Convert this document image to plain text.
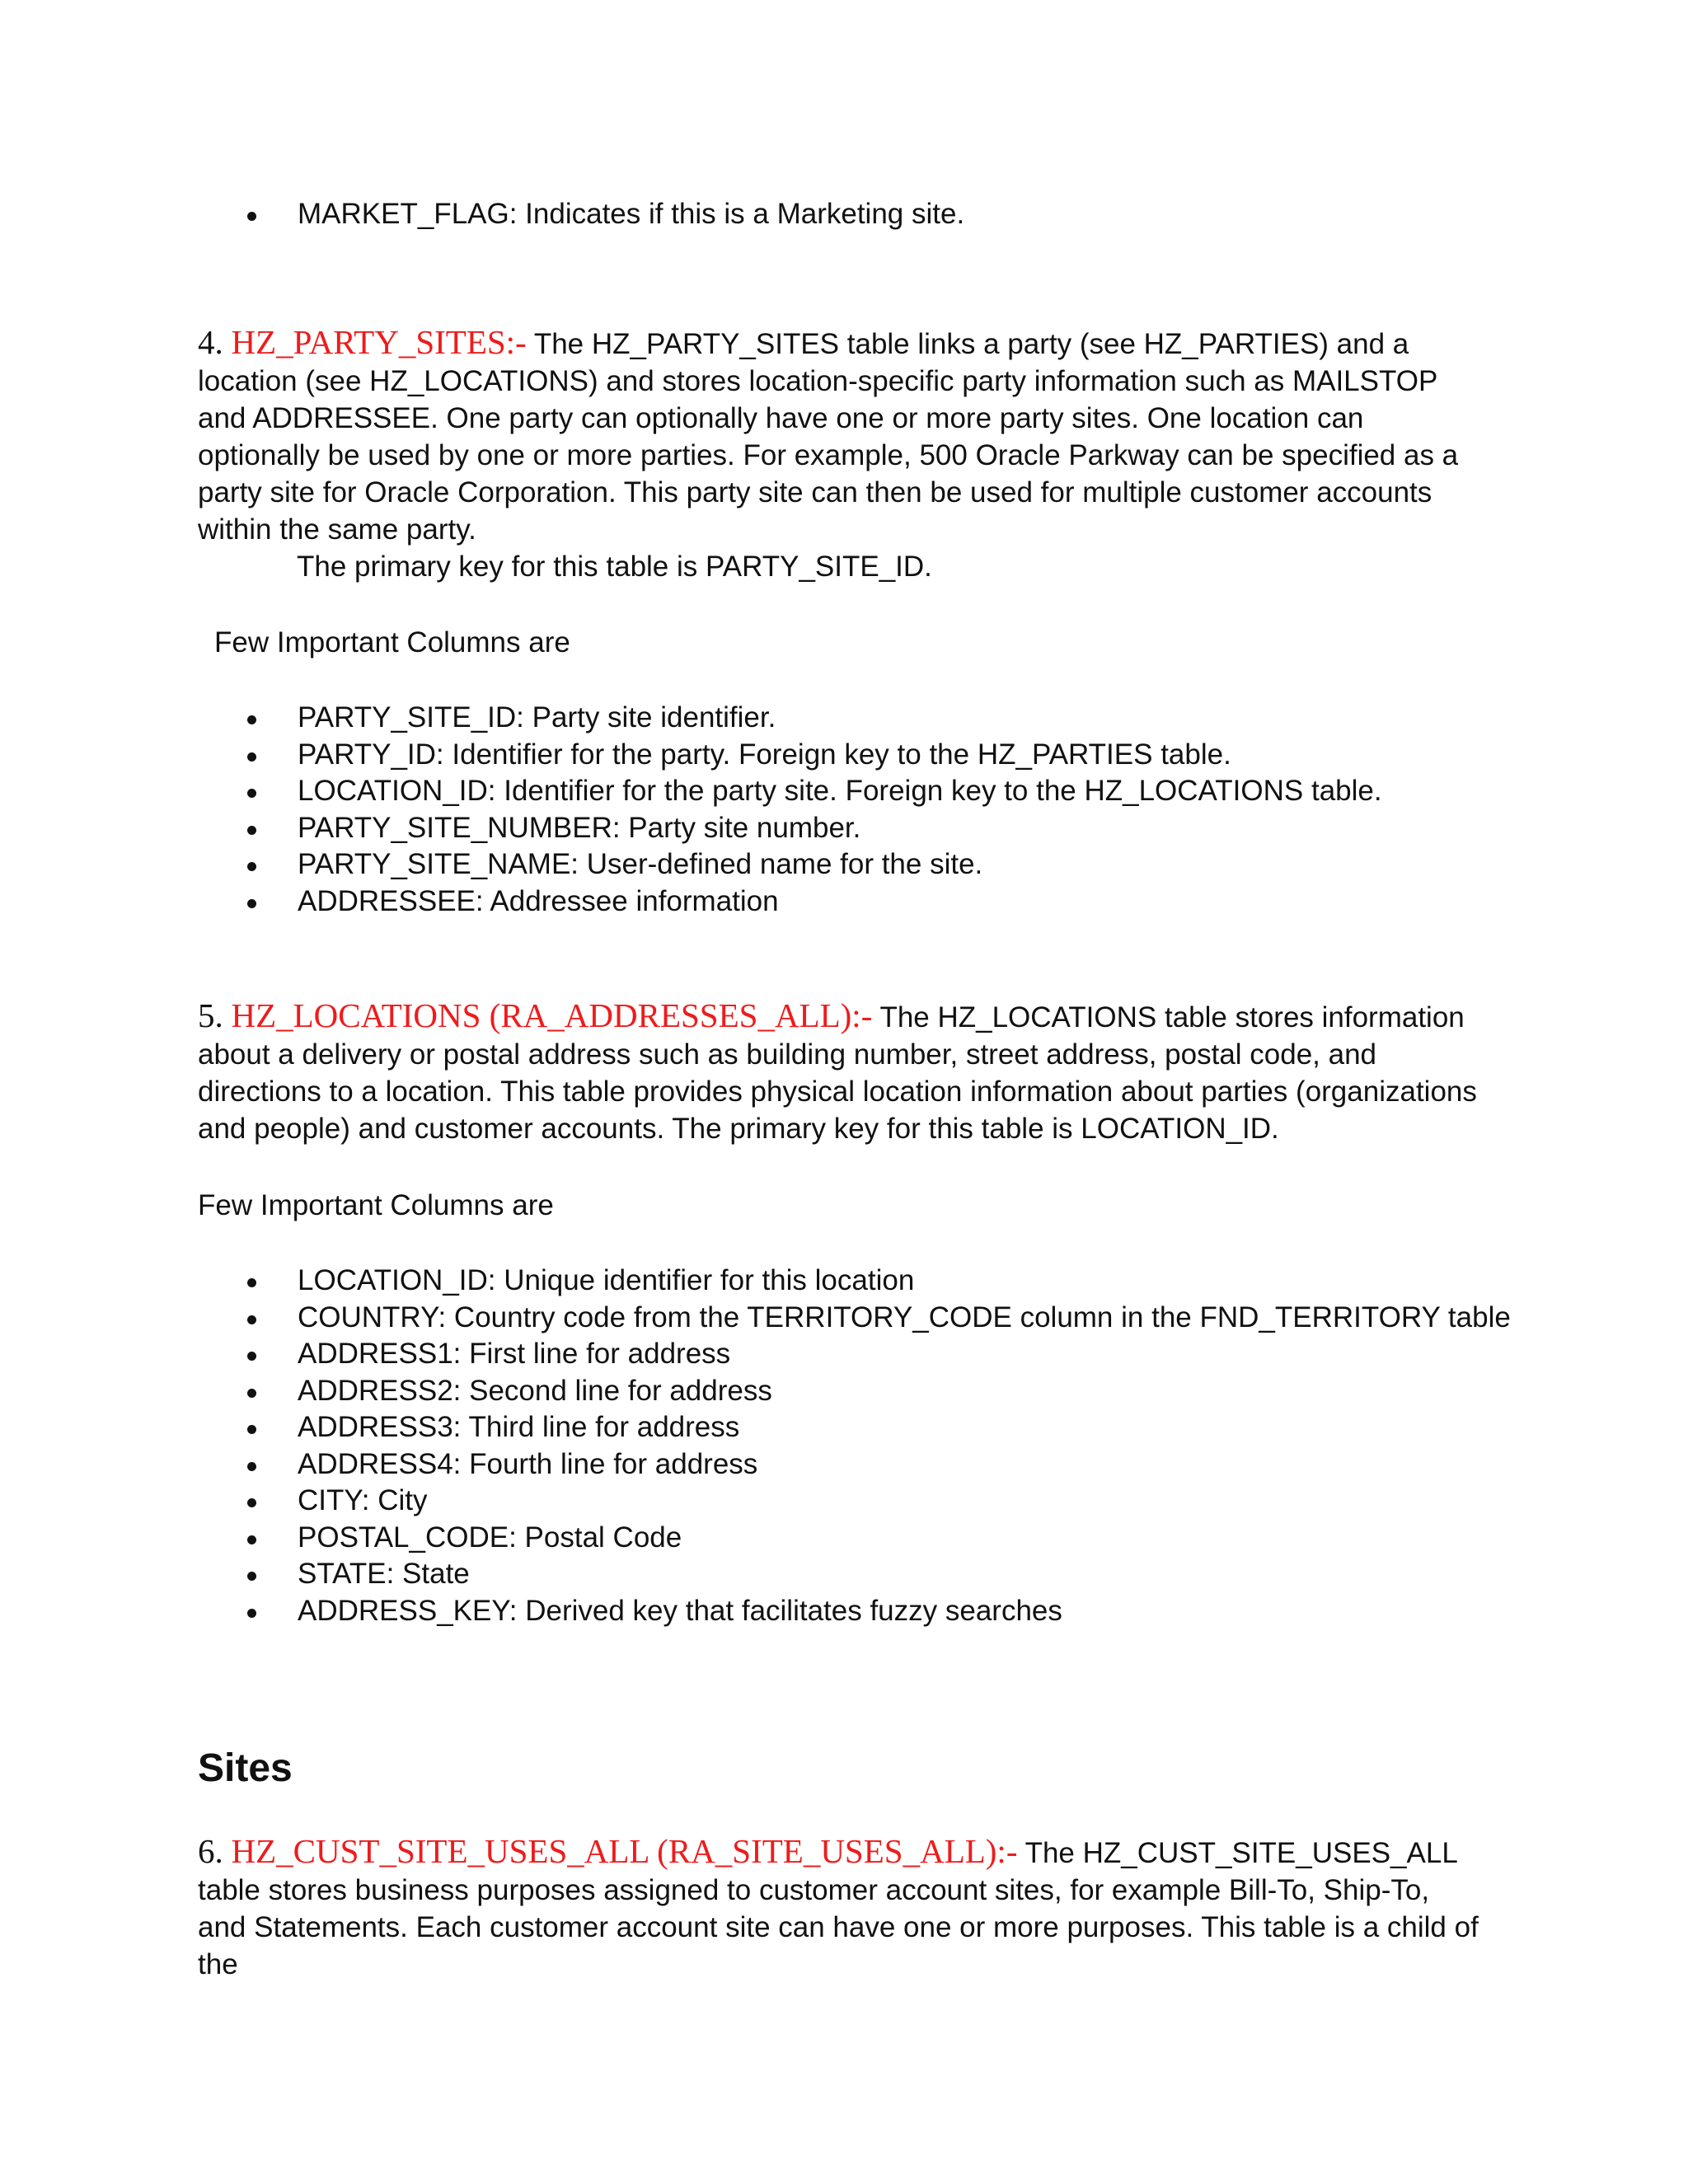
MARKET_FLAG: Indicates if this is a Marketing site.

4. HZ_PARTY_SITES:- The HZ_PARTY_SITES table links a party (see HZ_PARTIES) and a location (see HZ_LOCATIONS) and stores location-specific party information such as MAILSTOP and ADDRESSEE. One party can optionally have one or more party sites. One location can optionally be used by one or more parties. For example, 500 Oracle Parkway can be specified as a party site for Oracle Corporation. This party site can then be used for multiple customer accounts within the same party.

The primary key for this table is PARTY_SITE_ID.

Few Important Columns are

PARTY_SITE_ID: Party site identifier.
PARTY_ID: Identifier for the party. Foreign key to the HZ_PARTIES table.
LOCATION_ID: Identifier for the party site. Foreign key to the HZ_LOCATIONS table.
PARTY_SITE_NUMBER: Party site number.
PARTY_SITE_NAME: User-defined name for the site.
ADDRESSEE: Addressee information

5. HZ_LOCATIONS (RA_ADDRESSES_ALL):- The HZ_LOCATIONS table stores information about a delivery or postal address such as building number, street address, postal code, and directions to a location. This table provides physical location information about parties (organizations and people) and customer accounts. The primary key for this table is LOCATION_ID.

Few Important Columns are

LOCATION_ID: Unique identifier for this location
COUNTRY: Country code from the TERRITORY_CODE column in the FND_TERRITORY table
ADDRESS1: First line for address
ADDRESS2: Second line for address
ADDRESS3: Third line for address
ADDRESS4: Fourth line for address
CITY: City
POSTAL_CODE: Postal Code
STATE: State
ADDRESS_KEY: Derived key that facilitates fuzzy searches
Sites

6. HZ_CUST_SITE_USES_ALL (RA_SITE_USES_ALL):- The HZ_CUST_SITE_USES_ALL table stores business purposes assigned to customer account sites, for example Bill-To, Ship-To, and Statements. Each customer account site can have one or more purposes. This table is a child of the
